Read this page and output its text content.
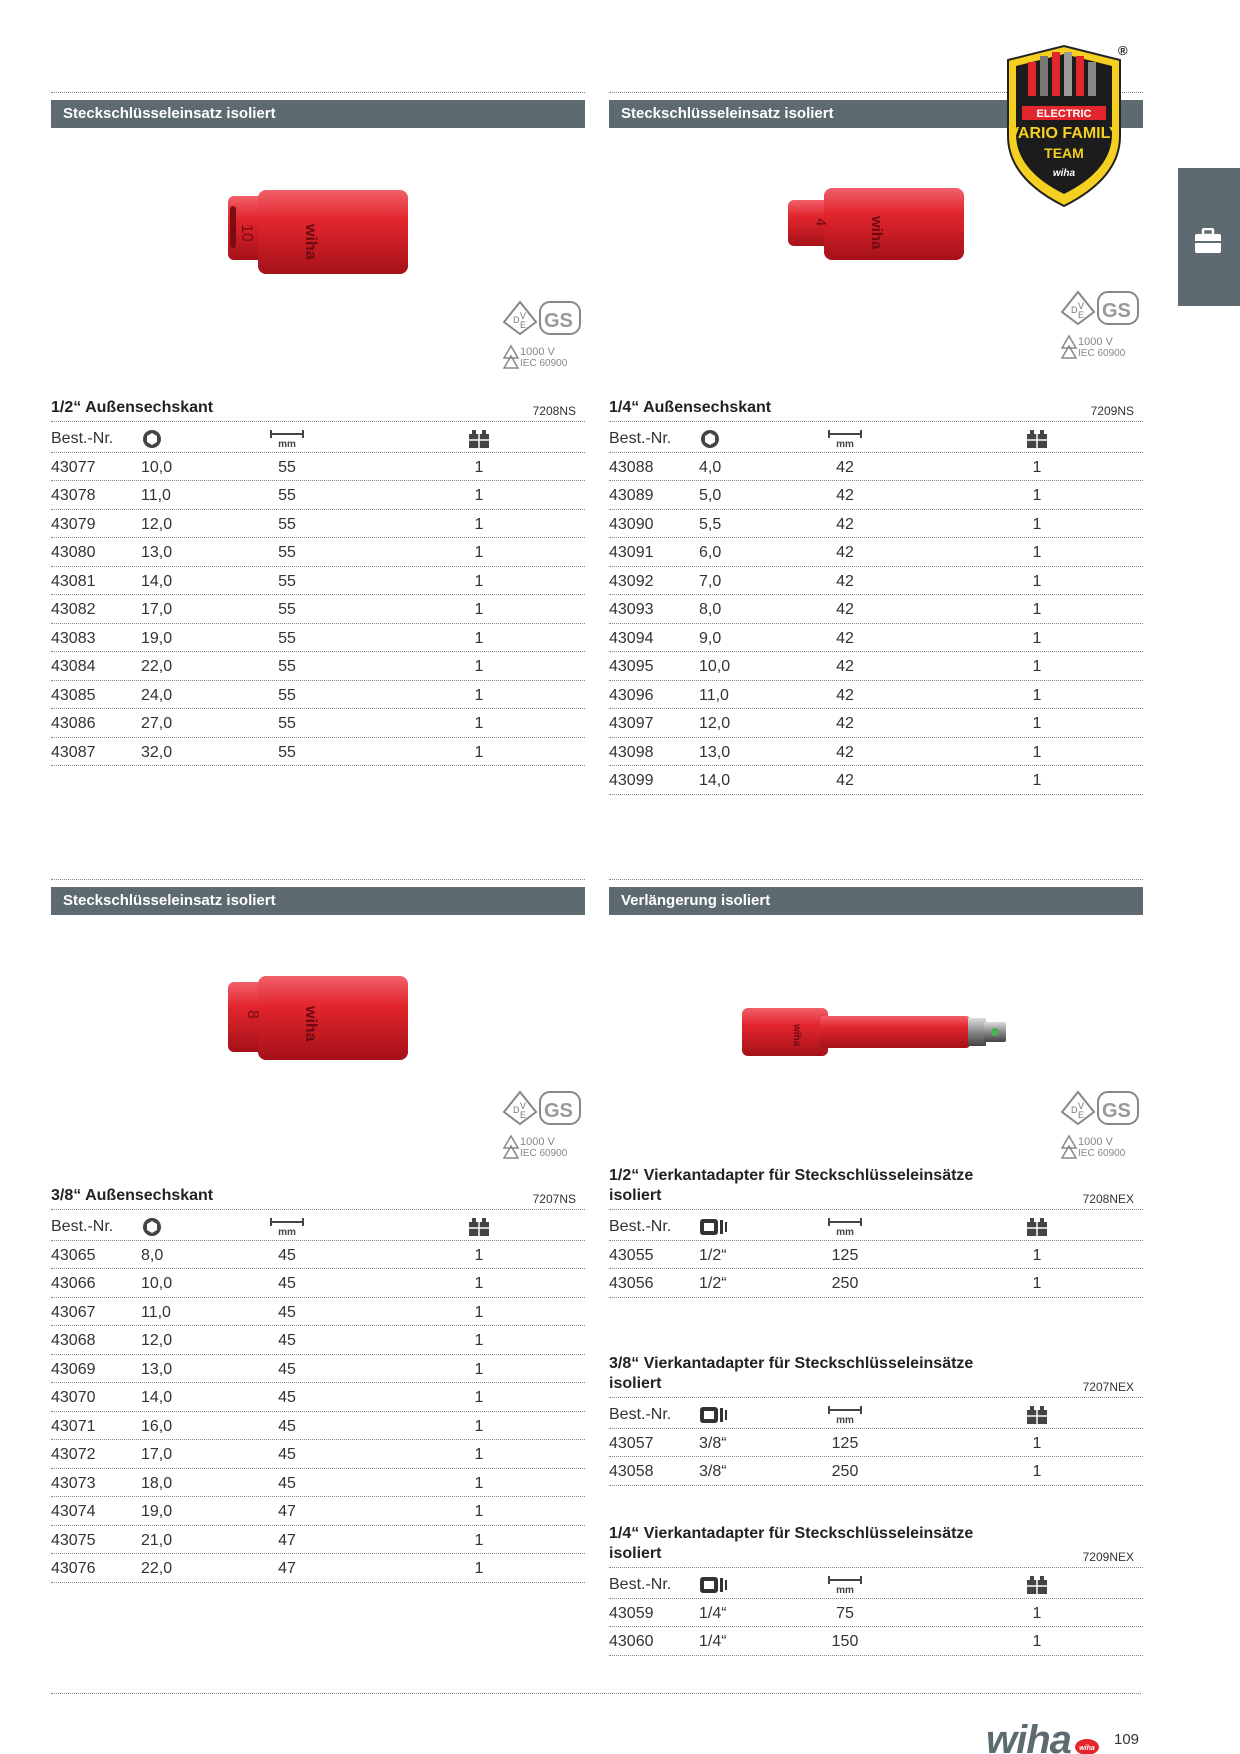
Steckschlüsseleinsatz isoliert	Steckschlüsseleinsatz isoliert
Steckschlüsseleinsatz isoliert	Verlängerung isoliert
10	wiha
4	wiha
8	wiha	wiha
D V
E GS
1000 V
IEC 60900
D V
E GS
1000 V
IEC 60900
D V
E GS
1000 V
IEC 60900
D V
E GS
1000 V
IEC 60900
1/2“ Außensechskant	7208NS 1/4“ Außensechskant	7209NS
3/8“ Außensechskant	7207NS
1/2“ Vierkantadapter für Steckschlüsseleinsätze
isoliert	7208NEX
3/8“ Vierkantadapter für Steckschlüsseleinsätze
isoliert	7207NEX
1/4“ Vierkantadapter für Steckschlüsseleinsätze
isoliert	7209NEX
Best.-Nr.	mm
43077	10,0	55	1
43078	11,0	55	1
43079	12,0	55	1
43080	13,0	55	1
43081	14,0	55	1
43082	17,0	55	1
43083	19,0	55	1
43084	22,0	55	1
43085	24,0	55	1
43086	27,0	55	1
43087	32,0	55	1
Best.-Nr.	mm
43088	4,0	42	1
43089	5,0	42	1
43090	5,5	42	1
43091	6,0	42	1
43092	7,0	42	1
43093	8,0	42	1
43094	9,0	42	1
43095	10,0	42	1
43096	11,0	42	1
43097	12,0	42	1
43098	13,0	42	1
43099	14,0	42	1
Best.-Nr.	mm
43065	8,0	45	1
43066	10,0	45	1
43067	11,0	45	1
43068	12,0	45	1
43069	13,0	45	1
43070	14,0	45	1
43071	16,0	45	1
43072	17,0	45	1
43073	18,0	45	1
43074	19,0	47	1
43075	21,0	47	1
43076	22,0	47	1
Best.-Nr.	mm
43055	1/2“	125	1
43056	1/2“	250	1
Best.-Nr.	mm
43057	3/8“	125	1
43058	3/8“	250	1
Best.-Nr.	mm
43059	1/4“	75	1
43060	1/4“	150	1
ELECTRIC
VARIO FAMILY
TEAM
wiha
®
wiha wiha
109
